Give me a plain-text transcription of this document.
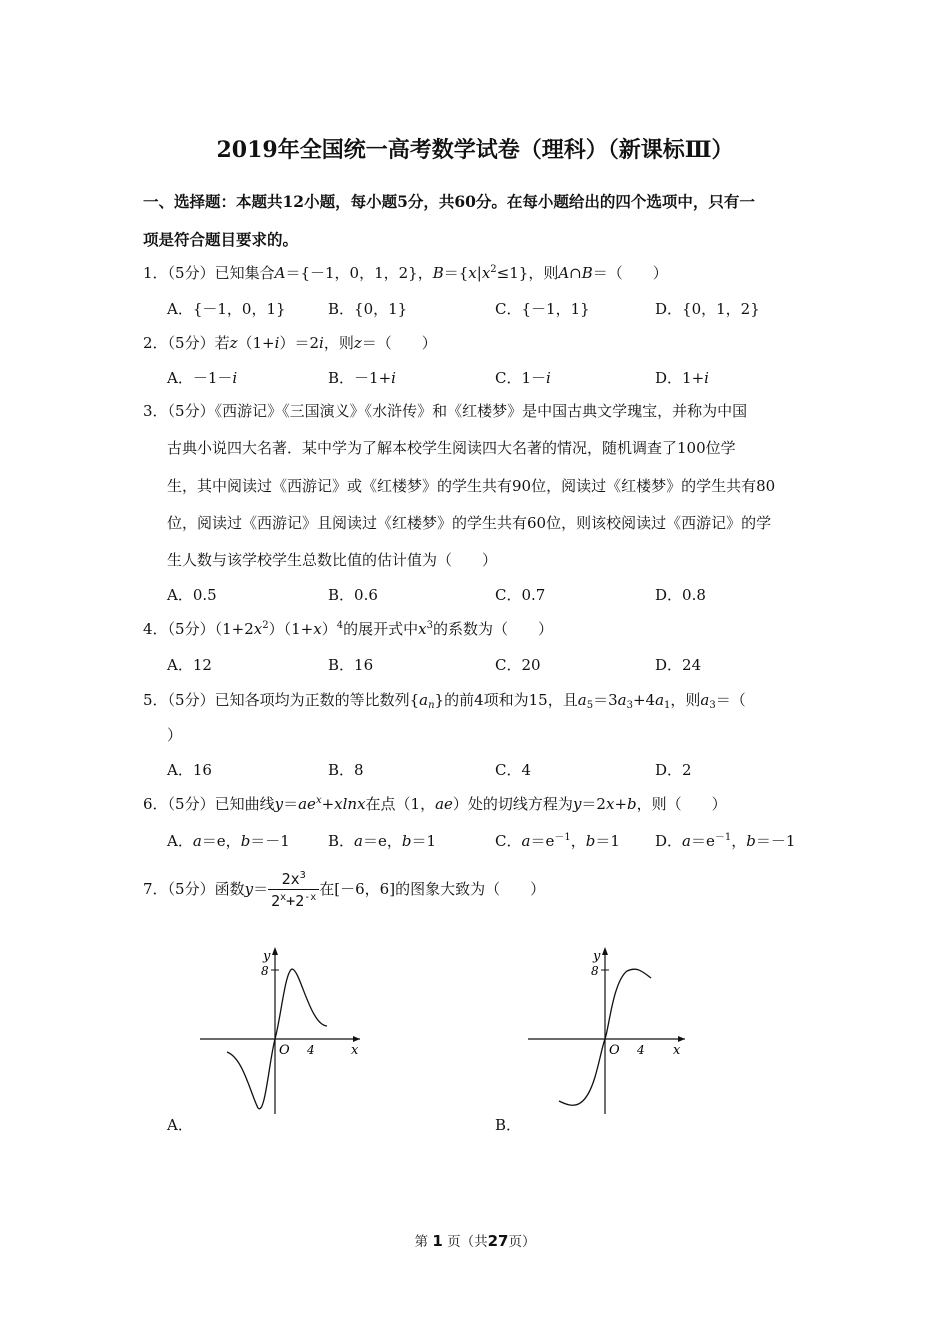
2019年全国统一高考数学试卷（理科）（新课标Ⅲ）
一、选择题：本题共12小题，每小题5分，共60分。在每小题给出的四个选项中，只有一
项是符合题目要求的。
1．（5分）已知集合A＝{－1，0，1，2}，$B=\{x|x^2\le 1\}$，则A∩B＝（　　）
A．{－1，0，1}	B．{0，1}	C．{－1，1}	D．{0，1，2}
2．（5分）若z（1+i）＝2i，则z＝（　　）
A．－1－i	B．－1+i	C．1－i	D．1+i
3．（5分）《西游记》《三国演义》《水浒传》和《红楼梦》是中国古典文学瑰宝，并称为中国
古典小说四大名著．某中学为了解本校学生阅读四大名著的情况，随机调查了100位学
生，其中阅读过《西游记》或《红楼梦》的学生共有90位，阅读过《红楼梦》的学生共有80
位，阅读过《西游记》且阅读过《红楼梦》的学生共有60位，则该校阅读过《西游记》的学
生人数与该学校学生总数比值的估计值为（　　）
A．0.5	B．0.6	C．0.7	D．0.8
4．（5分）$(1+2x^2)(1+x)^4$的展开式中$x^3$的系数为（　　）
A．12	B．16	C．20	D．24
5．（5分）已知各项均为正数的等比数列$\{a_n\}$的前4项和为15，且$a_5=3a_3+4a_1$，则$a_3=$（
）
A．16	B．8	C．4	D．2
6．（5分）已知曲线$y=ae^x+xlnx$在点（1，ae）处的切线方程为y＝2x+b，则（　　）
A．a＝e，b＝－1	B．a＝e，b＝1	C．$a=e^{-1}$，b＝1 D．$a=e^{-1}$，b＝－1
7．（5分）函数$y= \frac{2x^3}{2^x+2^{-x}}$ 在[－6，6]的图象大致为（　　）
y
8
O 4	x
A．
y
8
O 4 x
B．
第 1 页（共27页）
